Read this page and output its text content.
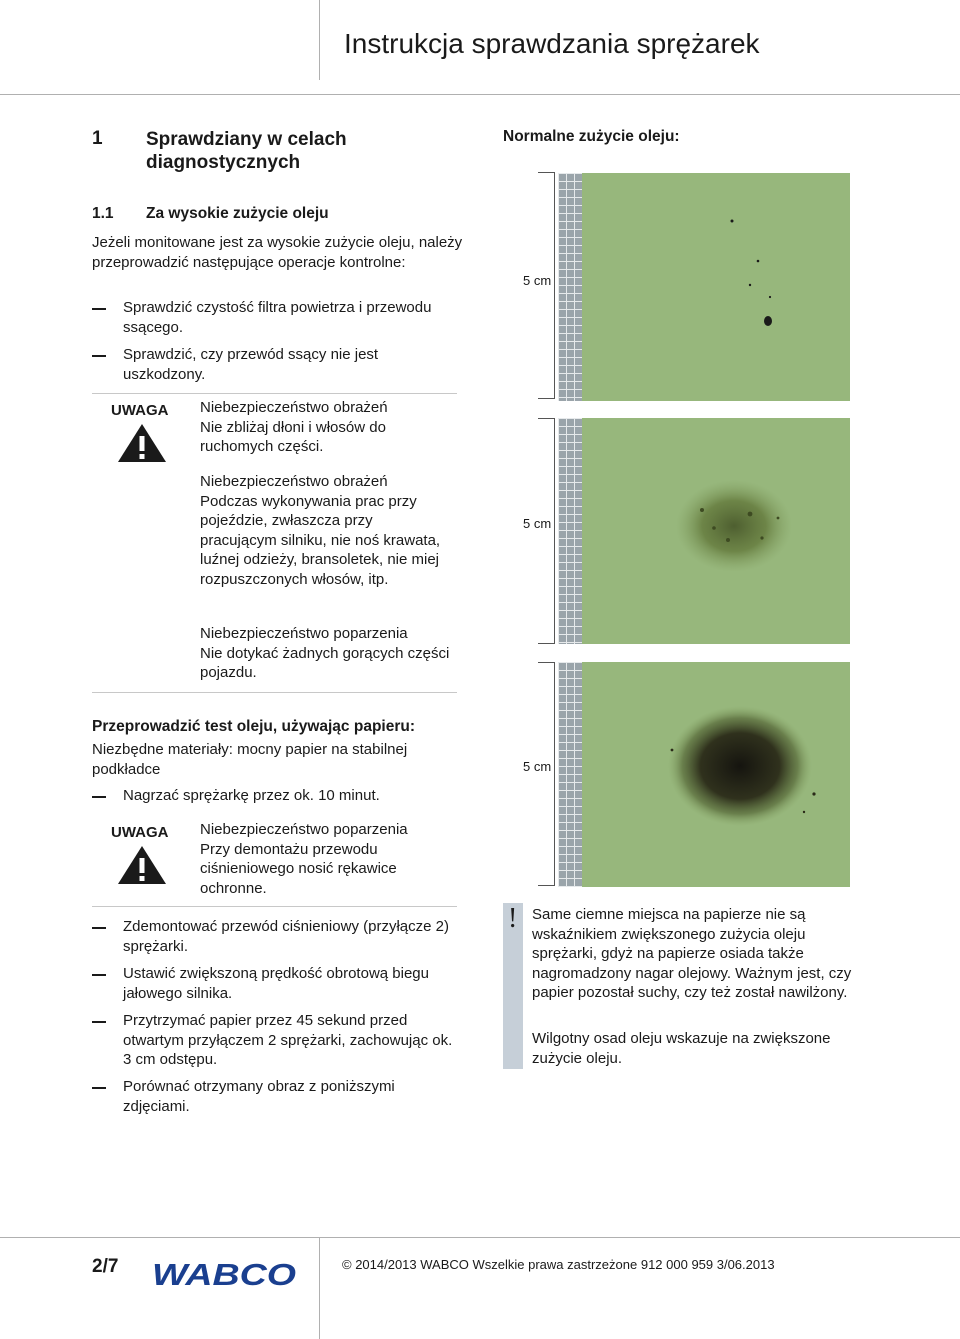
Instrukcja sprawdzania sprężarek
1 Sprawdziany w celach diagnostycznych
1.1 Za wysokie zużycie oleju
Jeżeli monitowane jest za wysokie zużycie oleju, należy przeprowadzić następujące operacje kontrolne:
Sprawdzić czystość filtra powietrza i przewodu ssącego.
Sprawdzić, czy przewód ssący nie jest uszkodzony.
UWAGA Niebezpieczeństwo obrażeń
Nie zbliżaj dłoni i włosów do ruchomych części.
Niebezpieczeństwo obrażeń
Podczas wykonywania prac przy pojeździe, zwłaszcza przy pracującym silniku, nie noś krawata, luźnej odzieży, bransoletek, nie miej rozpuszczonych włosów, itp.
Niebezpieczeństwo poparzenia
Nie dotykać żadnych gorących części pojazdu.
Przeprowadzić test oleju, używając papieru:
Niezbędne materiały: mocny papier na stabilnej podkładce
Nagrzać sprężarkę przez ok. 10 minut.
UWAGA Niebezpieczeństwo poparzenia
Przy demontażu przewodu ciśnieniowego nosić rękawice ochronne.
Zdemontować przewód ciśnieniowy (przyłącze 2) sprężarki.
Ustawić zwiększoną prędkość obrotową biegu jałowego silnika.
Przytrzymać papier przez 45 sekund przed otwartym przyłączem 2 sprężarki, zachowując ok. 3 cm odstępu.
Porównać otrzymany obraz z poniższymi zdjęciami.
Normalne zużycie oleju:
5 cm
5 cm
5 cm
! Same ciemne miejsca na papierze nie są wskaźnikiem zwiększonego zużycia oleju sprężarki, gdyż na papierze osiada także nagromadzony nagar olejowy. Ważnym jest, czy papier pozostał suchy, czy też został nawilżony.
Wilgotny osad oleju wskazuje na zwiększone zużycie oleju.
2/7 WABCO	© 2014/2013 WABCO Wszelkie prawa zastrzeżone 912 000 959 3/06.2013
